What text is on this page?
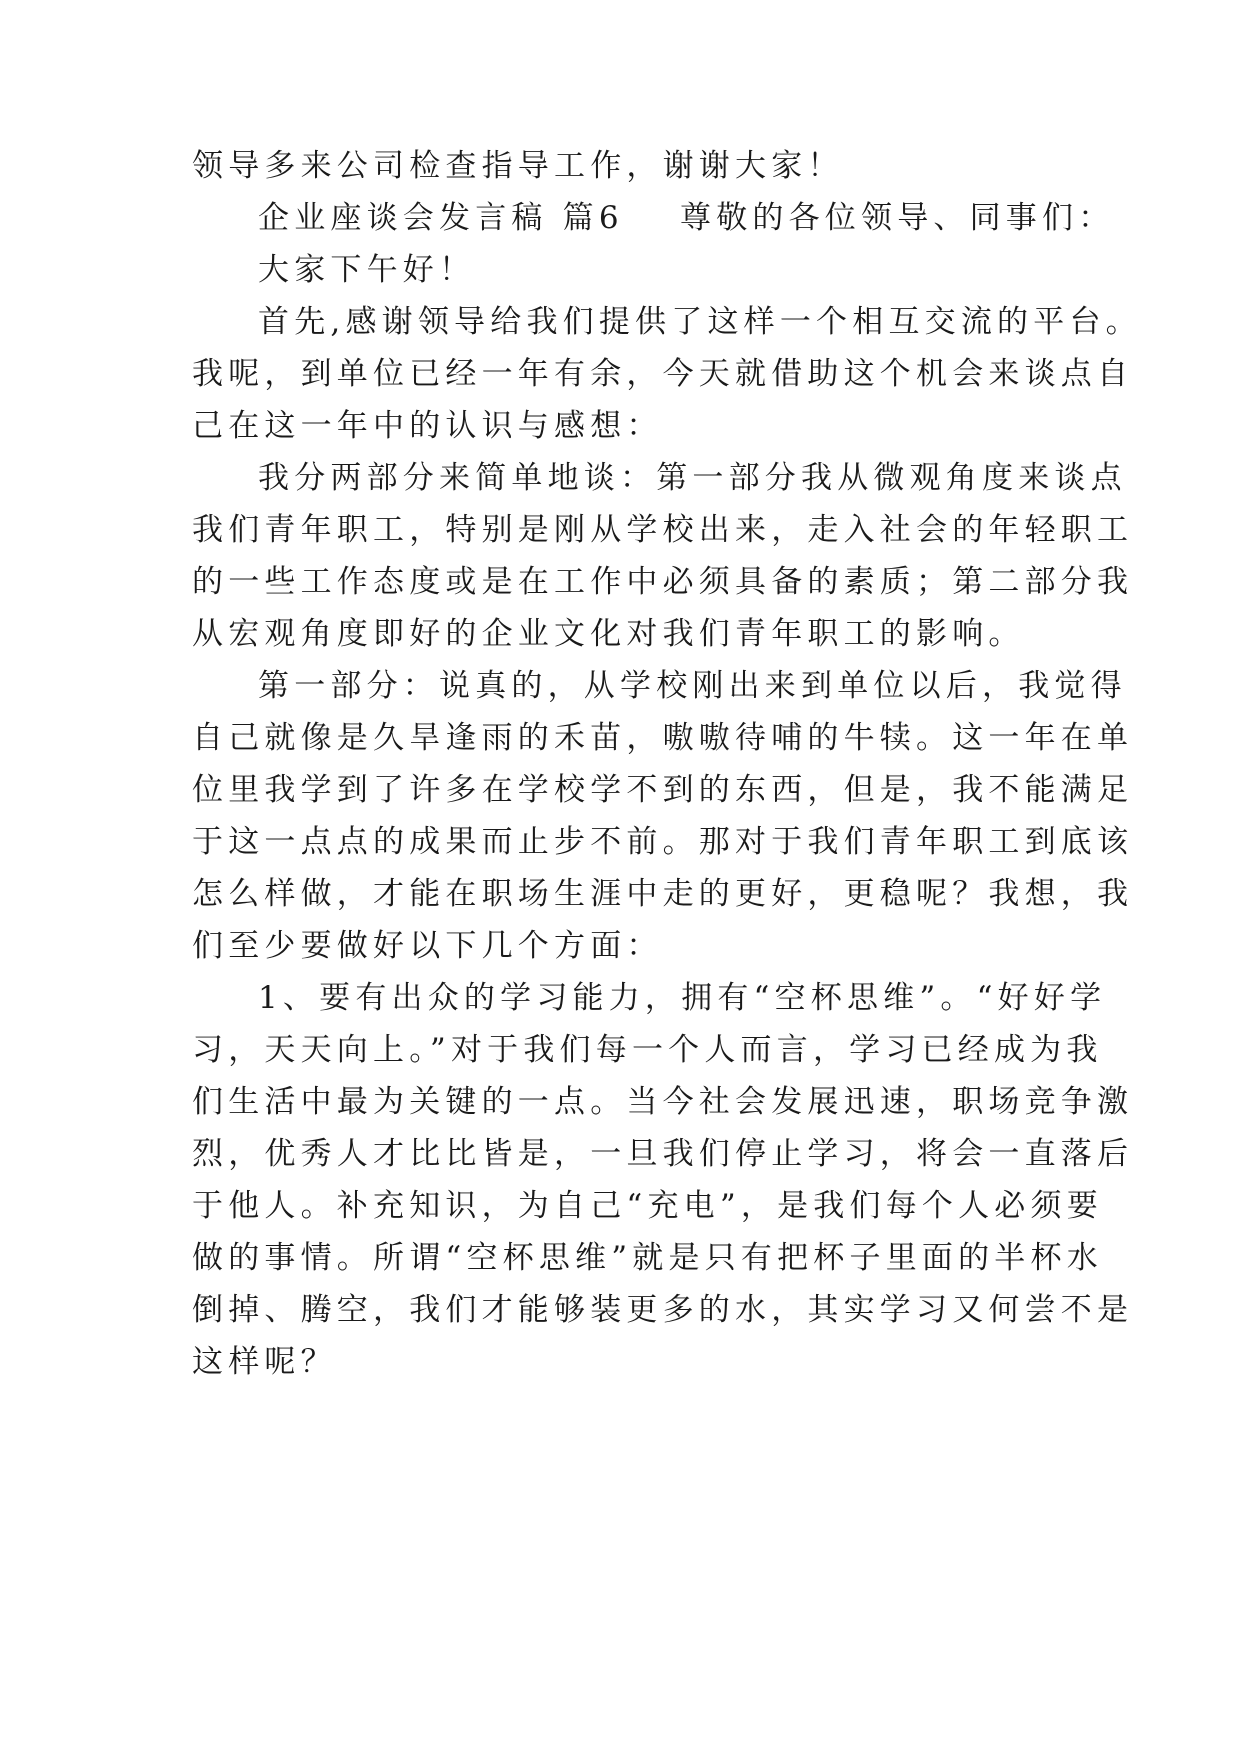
领导多来公司检查指导工作，谢谢大家！
企业座谈会发言稿 篇6	尊敬的各位领导、同事们：
大家下午好！
首先,感谢领导给我们提供了这样一个相互交流的平台。
我呢，到单位已经一年有余，今天就借助这个机会来谈点自
己在这一年中的认识与感想：
我分两部分来简单地谈：第一部分我从微观角度来谈点
我们青年职工，特别是刚从学校出来，走入社会的年轻职工
的一些工作态度或是在工作中必须具备的素质；第二部分我
从宏观角度即好的企业文化对我们青年职工的影响。
第一部分：说真的，从学校刚出来到单位以后，我觉得
自己就像是久旱逢雨的禾苗，嗷嗷待哺的牛犊。这一年在单
位里我学到了许多在学校学不到的东西，但是，我不能满足
于这一点点的成果而止步不前。那对于我们青年职工到底该
怎么样做，才能在职场生涯中走的更好，更稳呢？我想，我
们至少要做好以下几个方面：
1、要有出众的学习能力，拥有“空杯思维”。“好好学
习，天天向上。”对于我们每一个人而言，学习已经成为我
们生活中最为关键的一点。当今社会发展迅速，职场竞争激
烈，优秀人才比比皆是，一旦我们停止学习，将会一直落后
于他人。补充知识，为自己“充电”，是我们每个人必须要
做的事情。所谓“空杯思维”就是只有把杯子里面的半杯水
倒掉、腾空，我们才能够装更多的水，其实学习又何尝不是
这样呢？
